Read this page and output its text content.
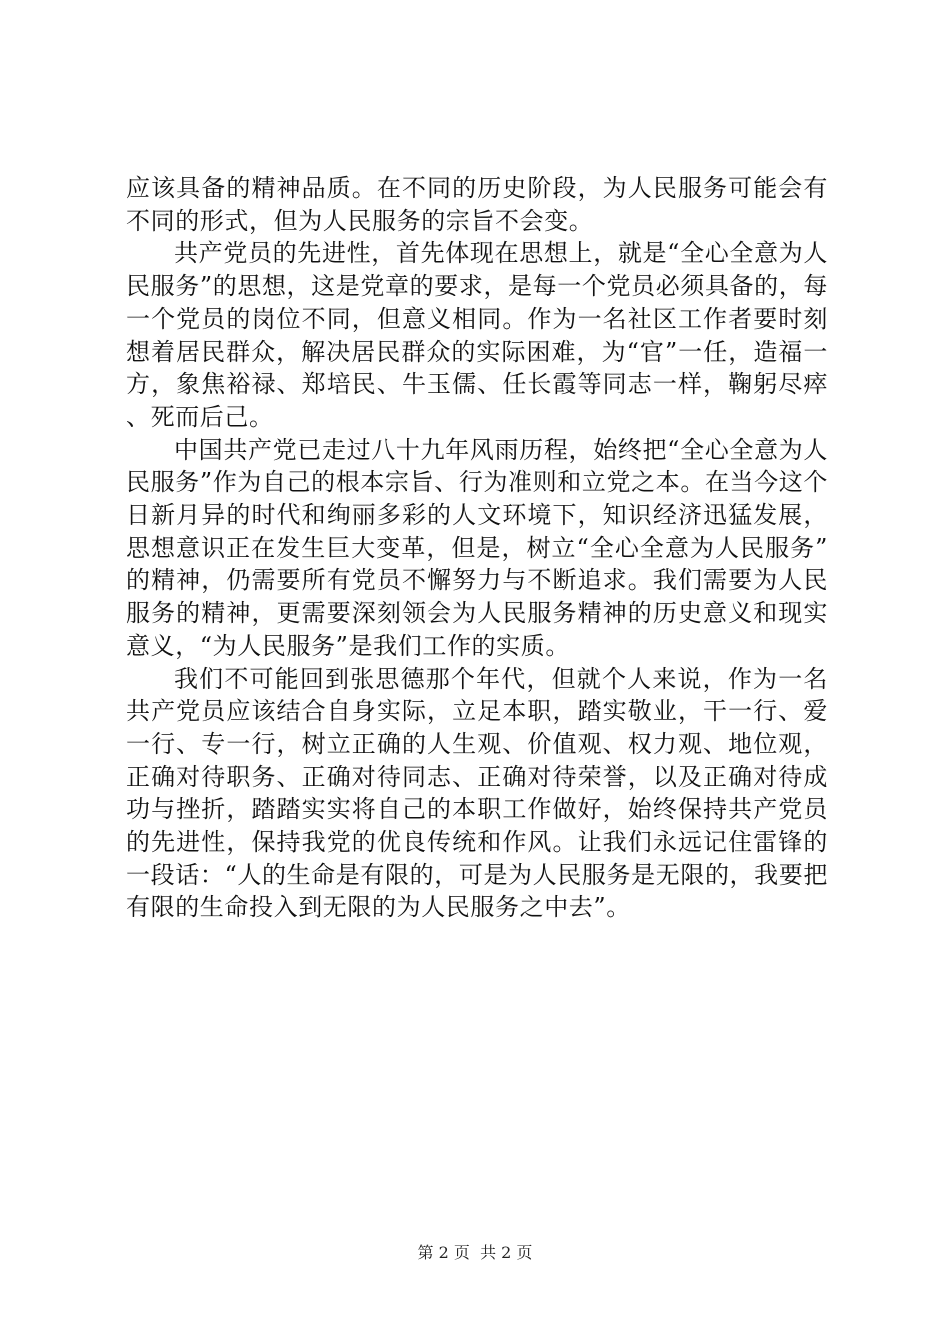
应该具备的精神品质。在不同的历史阶段，为人民服务可能会有不同的形式，但为人民服务的宗旨不会变。

共产党员的先进性，首先体现在思想上，就是“全心全意为人民服务”的思想，这是党章的要求，是每一个党员必须具备的，每一个党员的岗位不同，但意义相同。作为一名社区工作者要时刻想着居民群众，解决居民群众的实际困难，为“官”一任，造福一方，象焦裕禄、郑培民、牛玉儒、任长霞等同志一样，鞠躬尽瘁、死而后己。

中国共产党已走过八十九年风雨历程，始终把“全心全意为人民服务”作为自己的根本宗旨、行为准则和立党之本。在当今这个日新月异的时代和绚丽多彩的人文环境下，知识经济迅猛发展，思想意识正在发生巨大变革，但是，树立“全心全意为人民服务”的精神，仍需要所有党员不懈努力与不断追求。我们需要为人民服务的精神，更需要深刻领会为人民服务精神的历史意义和现实意义，“为人民服务”是我们工作的实质。

我们不可能回到张思德那个年代，但就个人来说，作为一名共产党员应该结合自身实际，立足本职，踏实敬业，干一行、爱一行、专一行，树立正确的人生观、价值观、权力观、地位观，正确对待职务、正确对待同志、正确对待荣誉，以及正确对待成功与挫折，踏踏实实将自己的本职工作做好，始终保持共产党员的先进性，保持我党的优良传统和作风。让我们永远记住雷锋的一段话：“人的生命是有限的，可是为人民服务是无限的，我要把有限的生命投入到无限的为人民服务之中去”。

第 2 页 共 2 页
